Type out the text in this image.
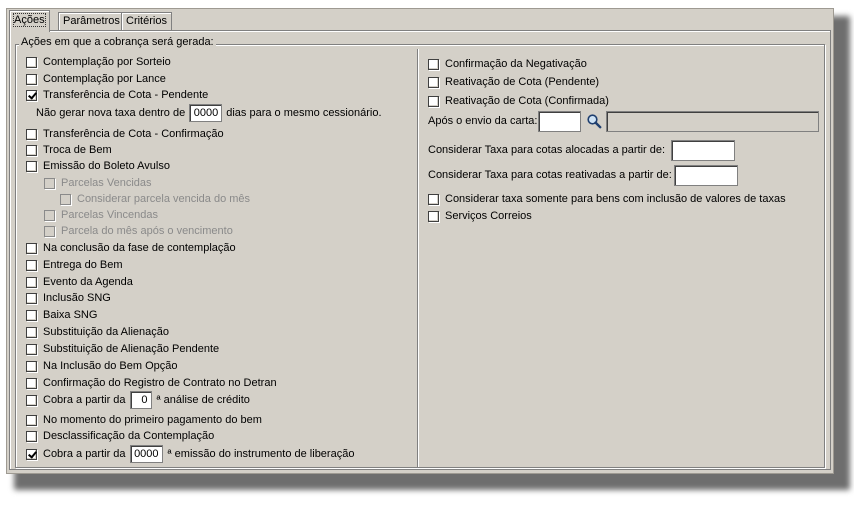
Ações	Parâmetros Critérios
Ações em que a cobrança será gerada:
Contemplação por Sorteio
Contemplação por Lance
Transferência de Cota - Pendente
Não gerar nova taxa dentro de 0000 dias para o mesmo cessionário.
Transferência de Cota - Confirmação
Troca de Bem
Emissão do Boleto Avulso
Parcelas Vencidas
Considerar parcela vencida do mês
Parcelas Vincendas
Parcela do mês após o vencimento
Na conclusão da fase de contemplação
Entrega do Bem
Evento da Agenda
Inclusão SNG
Baixa SNG
Substituição da Alienação
Substituição de Alienação Pendente
Na Inclusão do Bem Opção
Confirmação do Registro de Contrato no Detran
Cobra a partir da	0 ª análise de crédito
No momento do primeiro pagamento do bem
Desclassificação da Contemplação
Cobra a partir da 0000 ª emissão do instrumento de liberação
Confirmação da Negativação
Reativação de Cota (Pendente)
Reativação de Cota (Confirmada)
Após o envio da carta:
Considerar Taxa para cotas alocadas a partir de:
Considerar Taxa para cotas reativadas a partir de:
Considerar taxa somente para bens com inclusão de valores de taxas
Serviços Correios
